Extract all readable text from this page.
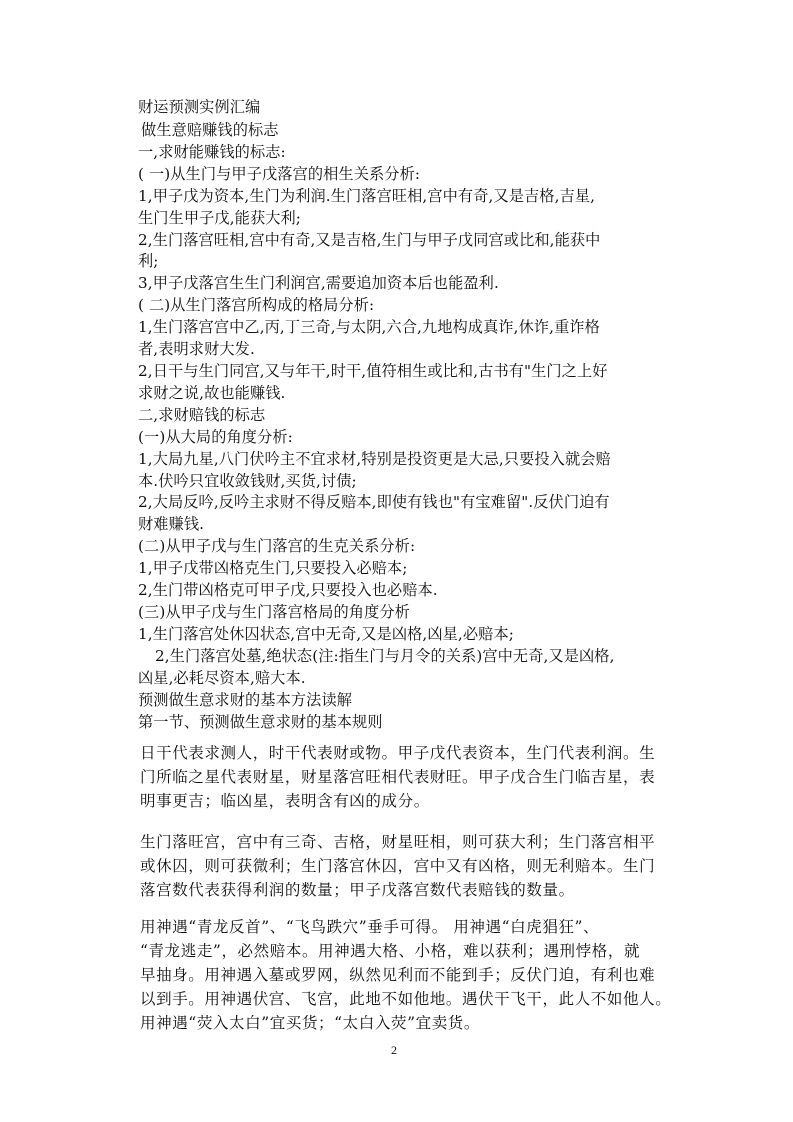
财运预测实例汇编
做生意赔赚钱的标志
一,求财能赚钱的标志:
( 一)从生门与甲子戊落宫的相生关系分析:
1,甲子戊为资本,生门为利润.生门落宫旺相,宫中有奇,又是吉格,吉星,
生门生甲子戊,能获大利;
2,生门落宫旺相,宫中有奇,又是吉格,生门与甲子戊同宫或比和,能获中
利;
3,甲子戊落宫生生门利润宫,需要追加资本后也能盈利.
( 二)从生门落宫所构成的格局分析:
1,生门落宫宫中乙,丙,丁三奇,与太阴,六合,九地构成真诈,休诈,重诈格
者,表明求财大发.
2,日干与生门同宫,又与年干,时干,值符相生或比和,古书有"生门之上好
求财之说,故也能赚钱.
二,求财赔钱的标志
(一)从大局的角度分析:
1,大局九星,八门伏吟主不宜求材,特别是投资更是大忌,只要投入就会赔
本.伏吟只宜收敛钱财,买货,讨债;
2,大局反吟,反吟主求财不得反赔本,即使有钱也"有宝难留".反伏门迫有
财难赚钱.
(二)从甲子戊与生门落宫的生克关系分析:
1,甲子戊带凶格克生门,只要投入必赔本;
2,生门带凶格克可甲子戊,只要投入也必赔本.
(三)从甲子戊与生门落宫格局的角度分析
1,生门落宫处休囚状态,宫中无奇,又是凶格,凶星,必赔本;
2,生门落宫处墓,绝状态(注:指生门与月令的关系)宫中无奇,又是凶格,
凶星,必耗尽资本,赔大本.
预测做生意求财的基本方法读解
第一节、预测做生意求财的基本规则
日干代表求测人，时干代表财或物。甲子戊代表资本，生门代表利润。生
门所临之星代表财星，财星落宫旺相代表财旺。甲子戊合生门临吉星，表
明事更吉；临凶星，表明含有凶的成分。
生门落旺宫，宫中有三奇、吉格，财星旺相，则可获大利；生门落宫相平
或休囚，则可获微利；生门落宫休囚，宫中又有凶格，则无利赔本。生门
落宫数代表获得利润的数量；甲子戊落宫数代表赔钱的数量。
用神遇“青龙反首”、“飞鸟跌穴”垂手可得。 用神遇“白虎猖狂”、
“青龙逃走”，必然赔本。用神遇大格、小格，难以获利；遇刑悖格，就
早抽身。用神遇入墓或罗网，纵然见利而不能到手；反伏门迫，有利也难
以到手。用神遇伏宫、飞宫，此地不如他地。遇伏干飞干，此人不如他人。
用神遇“荧入太白”宜买货；“太白入荧”宜卖货。
2
